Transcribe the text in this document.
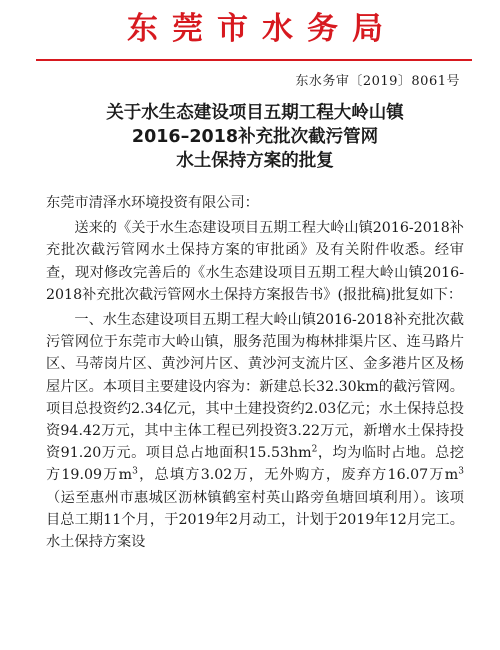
东莞市水务局
东水务审〔2019〕8061号
关于水生态建设项目五期工程大岭山镇
2016–2018补充批次截污管网
水土保持方案的批复

东莞市清泽水环境投资有限公司：

送来的《关于水生态建设项目五期工程大岭山镇2016-2018补充批次截污管网水土保持方案的审批函》及有关附件收悉。经审查，现对修改完善后的《水生态建设项目五期工程大岭山镇2016-2018补充批次截污管网水土保持方案报告书》(报批稿)批复如下：

一、水生态建设项目五期工程大岭山镇2016-2018补充批次截污管网位于东莞市大岭山镇，服务范围为梅林排渠片区、连马路片区、马蒂岗片区、黄沙河片区、黄沙河支流片区、金多港片区及杨屋片区。本项目主要建设内容为：新建总长32.30km的截污管网。项目总投资约2.34亿元，其中土建投资约2.03亿元；水土保持总投资94.42万元，其中主体工程已列投资3.22万元，新增水土保持投资91.20万元。项目总占地面积$15.53hm^2$，均为临时占地。总挖方19.09万$m^3$，总填方3.02万，无外购方，废弃方16.07万$m^3$（运至惠州市惠城区沥林镇鹤室村英山路旁鱼塘回填利用）。该项目总工期11个月，于2019年2月动工，计划于2019年12月完工。水土保持方案设
